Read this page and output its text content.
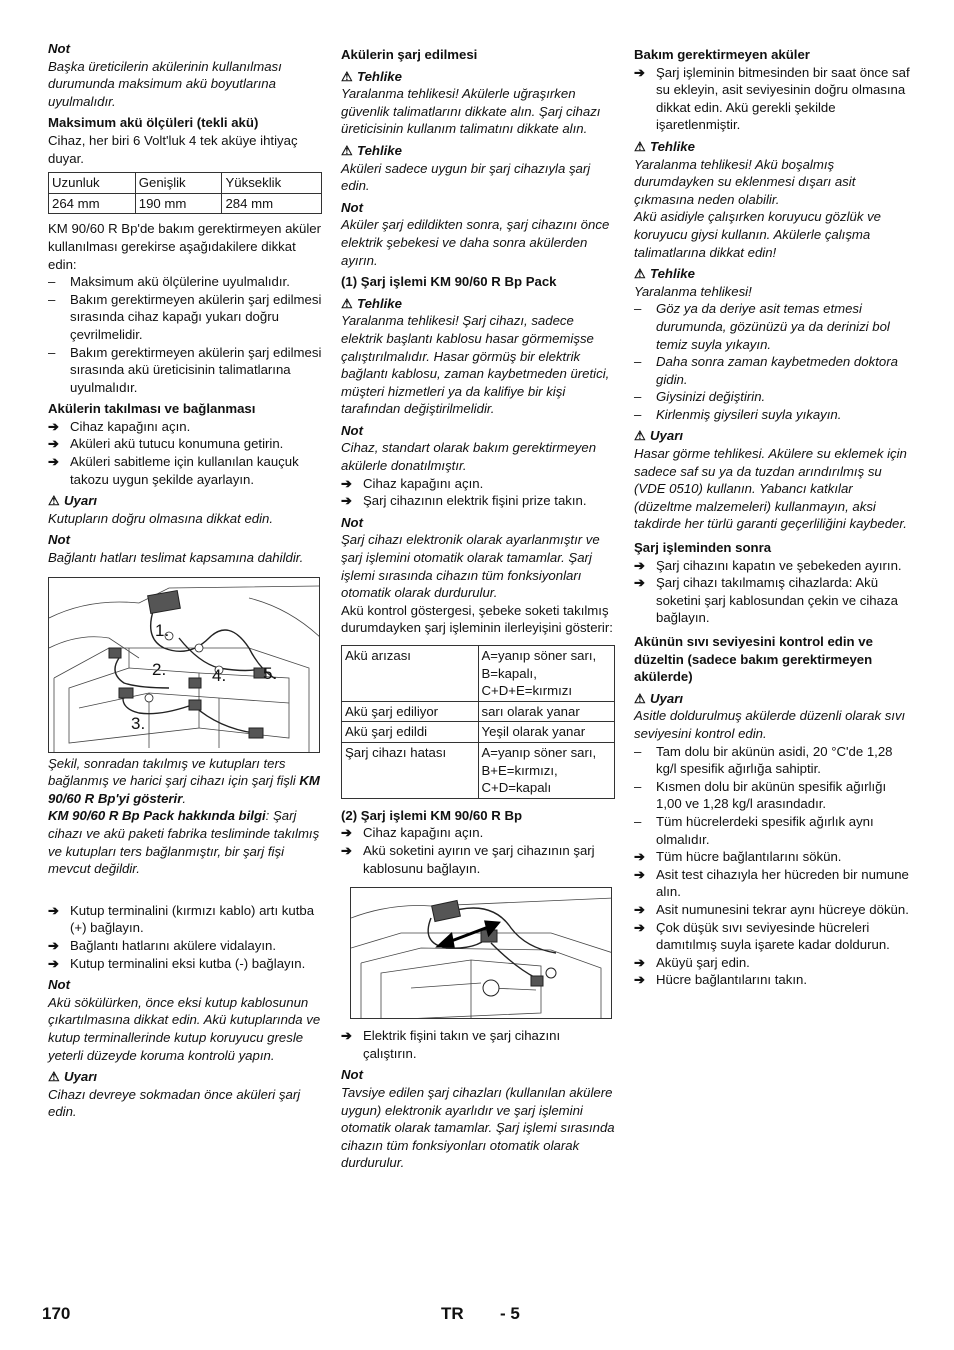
Not

Başka üreticilerin akülerinin kullanılması durumunda maksimum akü boyutlarına uyulmalıdır.

Maksimum akü ölçüleri (tekli akü)

Cihaz, her biri 6 Volt'luk 4 tek aküye ihtiyaç duyar.

Uzunluk	Genişlik	Yükseklik
264 mm	190 mm	284 mm

KM 90/60 R Bp'de bakım gerektirmeyen aküler kullanılması gerekirse aşağıdakilere dikkat edin:

–	Maksimum akü ölçülerine uyulmalıdır.
–	Bakım gerektirmeyen akülerin şarj edilmesi sırasında cihaz kapağı yukarı doğru çevrilmelidir.
–	Bakım gerektirmeyen akülerin şarj edilmesi sırasında akü üreticisinin talimatlarına uyulmalıdır.

Akülerin takılması ve bağlanması

➔ Cihaz kapağını açın.
➔ Aküleri akü tutucu konumuna getirin.
➔ Aküleri sabitleme için kullanılan kauçuk takozu uygun şekilde ayarlayın.

⚠ Uyarı

Kutupların doğru olmasına dikkat edin.

Not

Bağlantı hatları teslimat kapsamına dahildir.

1.
2.
3.
4. 5.

Şekil, sonradan takılmış ve kutupları ters bağlanmış ve harici şarj cihazı için şarj fişli KM 90/60 R Bp'yi gösterir.

KM 90/60 R Bp Pack hakkında bilgi: Şarj cihazı ve akü paketi fabrika tesliminde takılmış ve kutupları ters bağlanmıştır, bir şarj fişi mevcut değildir.

➔ Kutup terminalini (kırmızı kablo) artı kutba (+) bağlayın.
➔ Bağlantı hatlarını akülere vidalayın.
➔ Kutup terminalini eksi kutba (-) bağlayın.

Not

Akü sökülürken, önce eksi kutup kablosunun çıkartılmasına dikkat edin. Akü kutuplarında ve kutup terminallerinde kutup koruyucu gresle yeterli düzeyde koruma kontrolü yapın.

⚠ Uyarı

Cihazı devreye sokmadan önce aküleri şarj edin.

Akülerin şarj edilmesi

⚠ Tehlike

Yaralanma tehlikesi! Akülerle uğraşırken güvenlik talimatlarını dikkate alın. Şarj cihazı üreticisinin kullanım talimatını dikkate alın.

⚠ Tehlike

Aküleri sadece uygun bir şarj cihazıyla şarj edin.

Not

Aküler şarj edildikten sonra, şarj cihazını önce elektrik şebekesi ve daha sonra akülerden ayırın.

(1) Şarj işlemi KM 90/60 R Bp Pack

⚠ Tehlike

Yaralanma tehlikesi! Şarj cihazı, sadece elektrik başlantı kablosu hasar görmemişse çalıştırılmalıdır. Hasar görmüş bir elektrik bağlantı kablosu, zaman kaybetmeden üretici, müşteri hizmetleri ya da kalifiye bir kişi tarafından değiştirilmelidir.

Not

Cihaz, standart olarak bakım gerektirmeyen akülerle donatılmıştır.

➔ Cihaz kapağını açın.
➔ Şarj cihazının elektrik fişini prize takın.

Not

Şarj cihazı elektronik olarak ayarlanmıştır ve şarj işlemini otomatik olarak tamamlar. Şarj işlemi sırasında cihazın tüm fonksiyonları otomatik olarak durdurulur.

Akü kontrol göstergesi, şebeke soketi takılmış durumdayken şarj işleminin ilerleyişini gösterir:

Akü arızası	A=yanıp söner sarı, B=kapalı, C+D+E=kırmızı
Akü şarj ediliyor	sarı olarak yanar
Akü şarj edildi	Yeşil olarak yanar
Şarj cihazı hatası	A=yanıp söner sarı, B+E=kırmızı, C+D=kapalı

(2) Şarj işlemi KM 90/60 R Bp

➔ Cihaz kapağını açın.
➔ Akü soketini ayırın ve şarj cihazının şarj kablosunu bağlayın.
➔ Elektrik fişini takın ve şarj cihazını çalıştırın.

Not

Tavsiye edilen şarj cihazları (kullanılan akülere uygun) elektronik ayarlıdır ve şarj işlemini otomatik olarak tamamlar. Şarj işlemi sırasında cihazın tüm fonksiyonları otomatik olarak durdurulur.

Bakım gerektirmeyen aküler

➔ Şarj işleminin bitmesinden bir saat önce saf su ekleyin, asit seviyesinin doğru olmasına dikkat edin. Akü gerekli şekilde işaretlenmiştir.

⚠ Tehlike

Yaralanma tehlikesi! Akü boşalmış durumdayken su eklenmesi dışarı asit çıkmasına neden olabilir.

Akü asidiyle çalışırken koruyucu gözlük ve koruyucu giysi kullanın. Akülerle çalışma talimatlarına dikkat edin!

⚠ Tehlike

Yaralanma tehlikesi!

–	Göz ya da deriye asit temas etmesi durumunda, gözünüzü ya da derinizi bol temiz suyla yıkayın.
–	Daha sonra zaman kaybetmeden doktora gidin.
–	Giysinizi değiştirin.
–	Kirlenmiş giysileri suyla yıkayın.

⚠ Uyarı

Hasar görme tehlikesi. Akülere su eklemek için sadece saf su ya da tuzdan arındırılmış su (VDE 0510) kullanın. Yabancı katkılar (düzeltme malzemeleri) kullanmayın, aksi takdirde her türlü garanti geçerliliğini kaybeder.

Şarj işleminden sonra

➔ Şarj cihazını kapatın ve şebekeden ayırın.
➔ Şarj cihazı takılmamış cihazlarda: Akü soketini şarj kablosundan çekin ve cihaza bağlayın.

Akünün sıvı seviyesini kontrol edin ve düzeltin (sadece bakım gerektirmeyen akülerde)

⚠ Uyarı

Asitle doldurulmuş akülerde düzenli olarak sıvı seviyesini kontrol edin.

–	Tam dolu bir akünün asidi, 20 °C'de 1,28 kg/l spesifik ağırlığa sahiptir.
–	Kısmen dolu bir akünün spesifik ağırlığı 1,00 ve 1,28 kg/l arasındadır.
–	Tüm hücrelerdeki spesifik ağırlık aynı olmalıdır.
➔ Tüm hücre bağlantılarını sökün.
➔ Asit test cihazıyla her hücreden bir numune alın.
➔ Asit numunesini tekrar aynı hücreye dökün.
➔ Çok düşük sıvı seviyesinde hücreleri damıtılmış suyla işarete kadar doldurun.
➔ Aküyü şarj edin.
➔ Hücre bağlantılarını takın.
170	TR - 5
